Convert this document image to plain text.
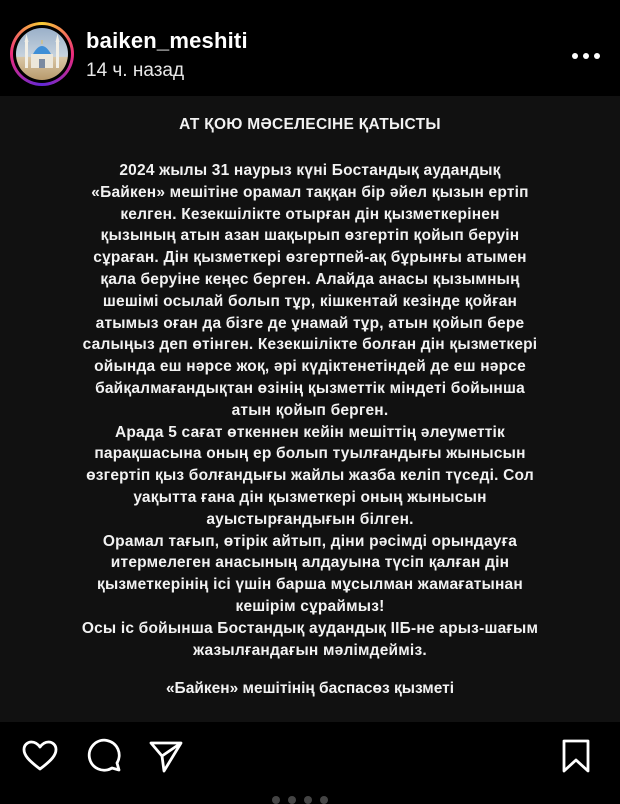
baiken_meshiti
14 ч. назад
АТ ҚОЮ МӘСЕЛЕСІНЕ ҚАТЫСТЫ
2024 жылы 31 наурыз күні Бостандық аудандық
«Байкен» мешітіне орамал таққан бір әйел қызын ертіп
келген. Кезекшілікте отырған дін қызметкерінен
қызының атын азан шақырып өзгертіп қойып беруін
сұраған. Дін қызметкері өзгертпей-ақ бұрынғы атымен
қала беруіне кеңес берген. Алайда анасы қызымның
шешімі осылай болып тұр, кішкентай кезінде қойған
атымыз оған да бізге де ұнамай тұр, атын қойып бере
салыңыз деп өтінген. Кезекшілікте болған дін қызметкері
ойында еш нәрсе жоқ, әрі күдіктенетіндей де еш нәрсе
байқалмағандықтан өзінің қызметтік міндеті бойынша
атын қойып берген.
Арада 5 сағат өткеннен кейін мешіттің әлеуметтік
парақшасына оның ер болып туылғандығы жынысын
өзгертіп қыз болғандығы жайлы жазба келіп түседі. Сол
уақытта ғана дін қызметкері оның жынысын
ауыстырғандығын білген.
Орамал тағып, өтірік айтып, діни рәсімді орындауға
итермелеген анасының алдауына түсіп қалған дін
қызметкерінің ісі үшін барша мұсылман жамағатынан
кешірім сұраймыз!
Осы іс бойынша Бостандық аудандық ІІБ-не арыз-шағым
жазылғандағын мәлімдейміз.
«Байкен» мешітінің баспасөз қызметі
